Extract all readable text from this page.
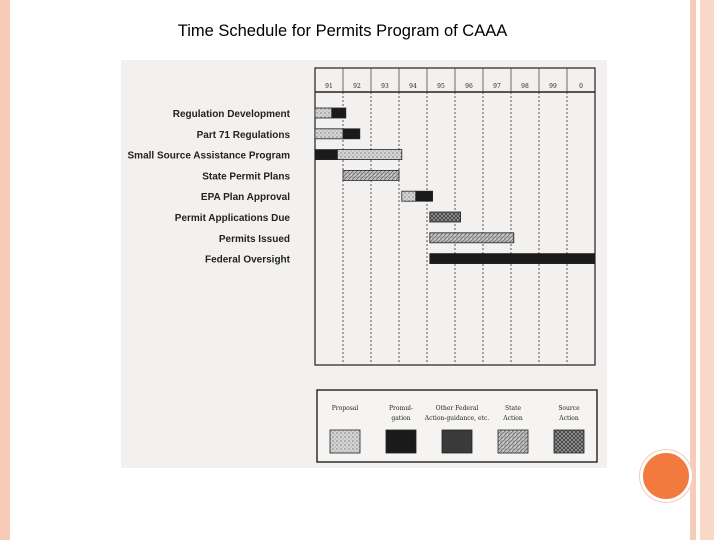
Time Schedule for Permits Program of CAAA
91	92	93	94	95	96	97	98	99	0
Regulation Development
Part 71 Regulations
Small Source Assistance Program
State Permit Plans
EPA Plan Approval
Permit Applications Due
Permits Issued
Federal Oversight
Proposal	Promul-
gation
Other Federal
Action-guidance, etc.
State
Action
Source
Action
